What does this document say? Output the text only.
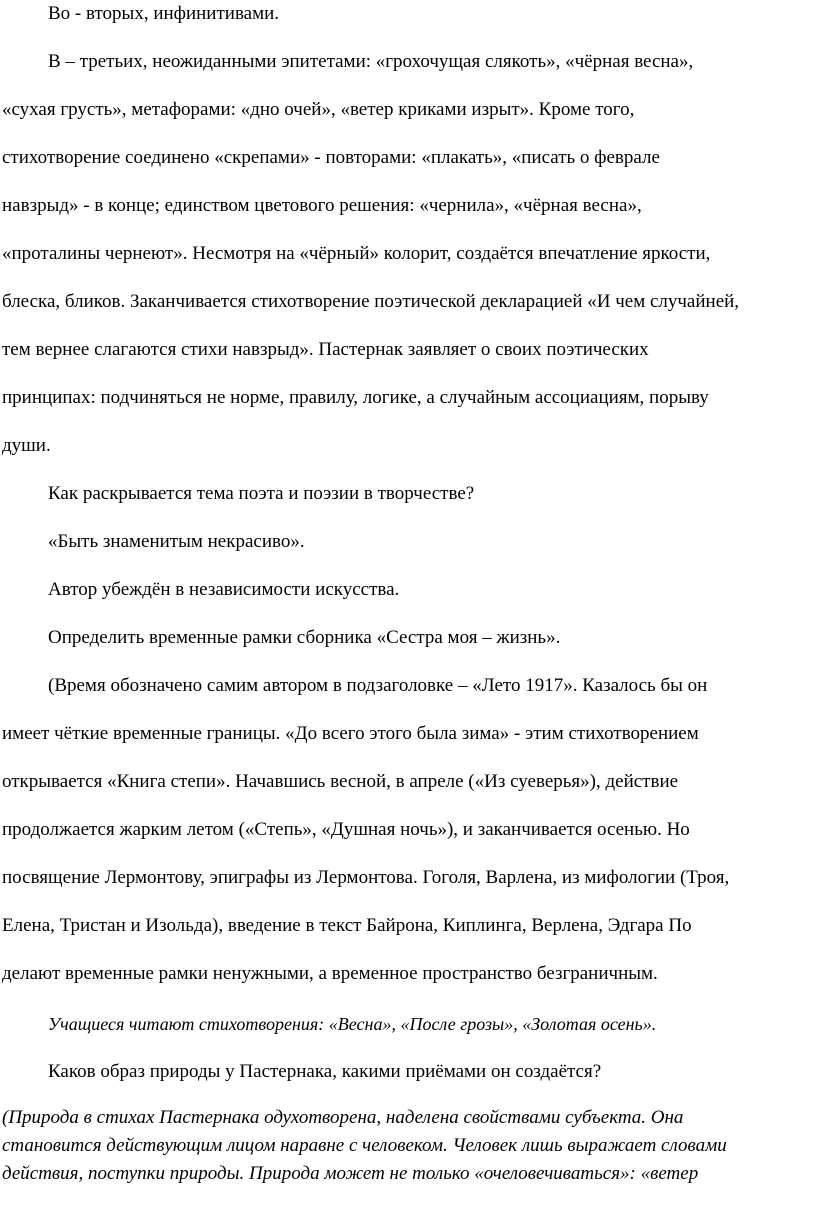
Во - вторых, инфинитивами.
В – третьих, неожиданными эпитетами: «грохочущая слякоть», «чёрная весна»,
«сухая грусть», метафорами: «дно очей», «ветер криками изрыт». Кроме того,
стихотворение соединено «скрепами» - повторами: «плакать», «писать о феврале
навзрыд» - в конце; единством цветового решения: «чернила», «чёрная весна»,
«проталины чернеют». Несмотря на «чёрный» колорит, создаётся впечатление яркости,
блеска, бликов. Заканчивается стихотворение поэтической декларацией «И чем случайней,
тем вернее слагаются стихи навзрыд». Пастернак заявляет о своих поэтических
принципах: подчиняться не норме, правилу, логике, а случайным ассоциациям, порыву
души.
Как раскрывается тема поэта и поэзии в творчестве?
«Быть знаменитым некрасиво».
Автор убеждён в независимости искусства.
Определить временные рамки сборника «Сестра моя – жизнь».
(Время обозначено самим автором в подзаголовке – «Лето 1917». Казалось бы он
имеет чёткие временные границы. «До всего этого была зима» - этим стихотворением
открывается «Книга степи». Начавшись весной, в апреле («Из суеверья»), действие
продолжается жарким летом («Степь», «Душная ночь»), и заканчивается осенью. Но
посвящение Лермонтову, эпиграфы из Лермонтова. Гоголя, Варлена, из мифологии (Троя,
Елена, Тристан и Изольда), введение в текст Байрона, Киплинга, Верлена, Эдгара По
делают временные рамки ненужными, а временное пространство безграничным.
Учащиеся читают стихотворения: «Весна», «После грозы», «Золотая осень».
Каков образ природы у Пастернака, какими приёмами он создаётся?
(Природа в стихах Пастернака одухотворена, наделена свойствами субъекта. Она
становится действующим лицом наравне с человеком. Человек лишь выражает словами
действия, поступки природы. Природа может не только «очеловечиваться»: «ветер
